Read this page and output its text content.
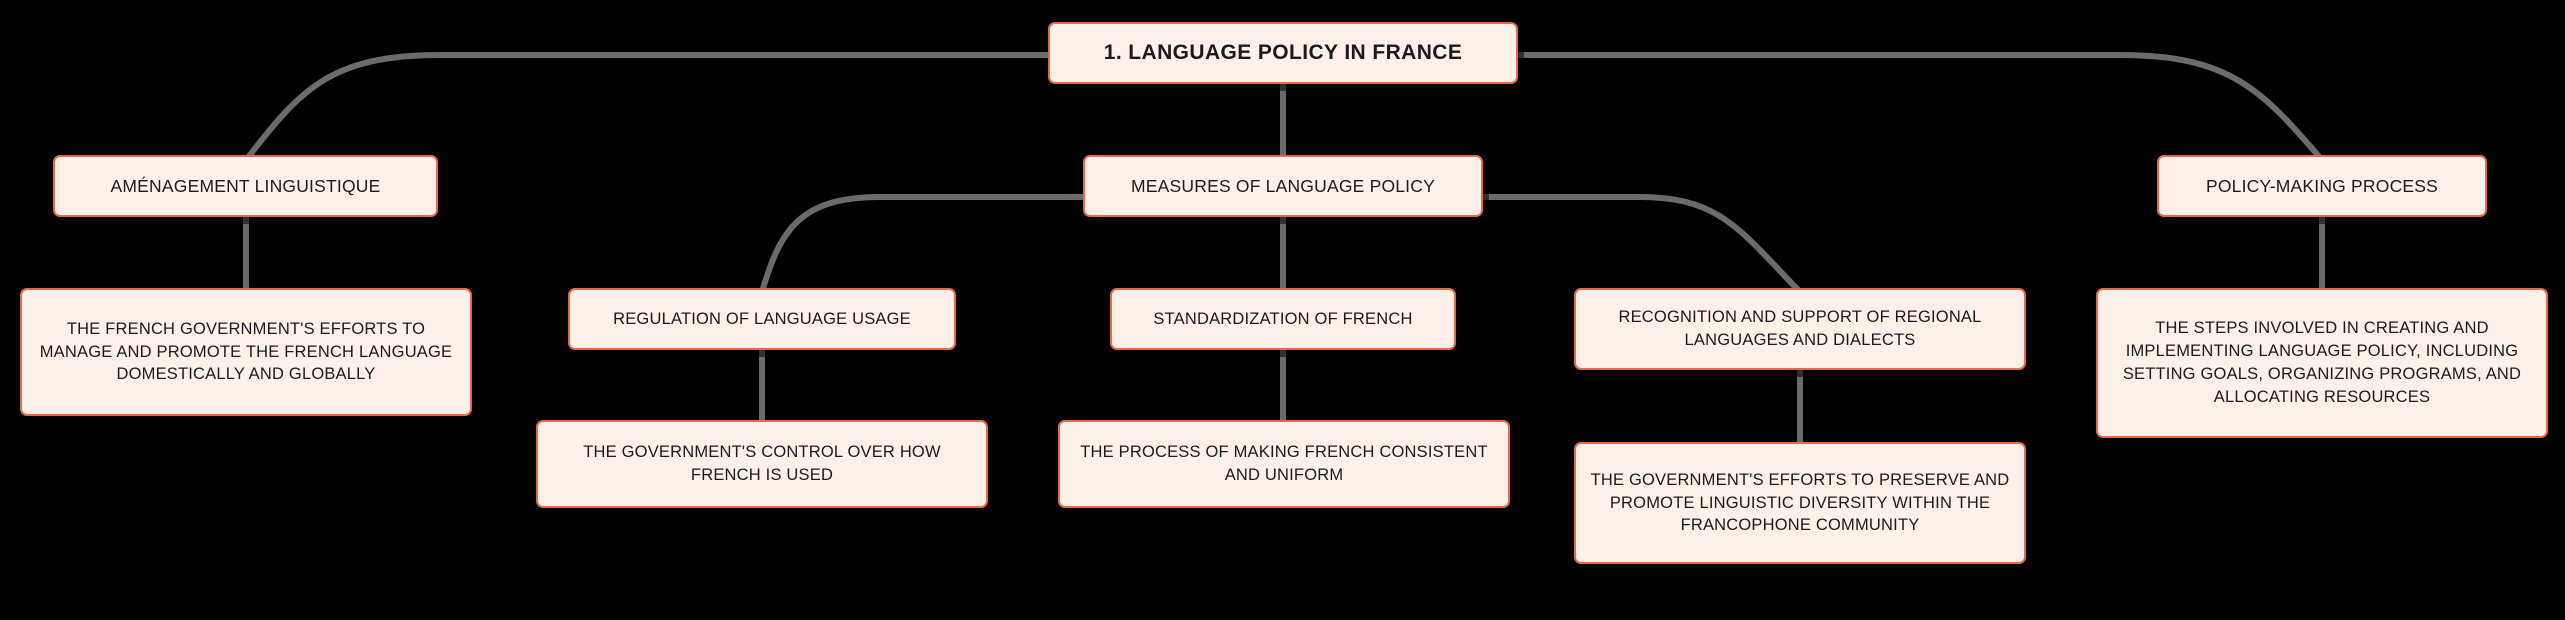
1. LANGUAGE POLICY IN FRANCE
AMÉNAGEMENT LINGUISTIQUE	MEASURES OF LANGUAGE POLICY	POLICY-MAKING PROCESS
THE FRENCH GOVERNMENT'S EFFORTS TO MANAGE AND PROMOTE THE FRENCH LANGUAGE DOMESTICALLY AND GLOBALLY
REGULATION OF LANGUAGE USAGE
THE GOVERNMENT'S CONTROL OVER HOW FRENCH IS USED
STANDARDIZATION OF FRENCH
THE PROCESS OF MAKING FRENCH CONSISTENT AND UNIFORM
RECOGNITION AND SUPPORT OF REGIONAL LANGUAGES AND DIALECTS
THE GOVERNMENT'S EFFORTS TO PRESERVE AND PROMOTE LINGUISTIC DIVERSITY WITHIN THE FRANCOPHONE COMMUNITY
THE STEPS INVOLVED IN CREATING AND IMPLEMENTING LANGUAGE POLICY, INCLUDING SETTING GOALS, ORGANIZING PROGRAMS, AND ALLOCATING RESOURCES
